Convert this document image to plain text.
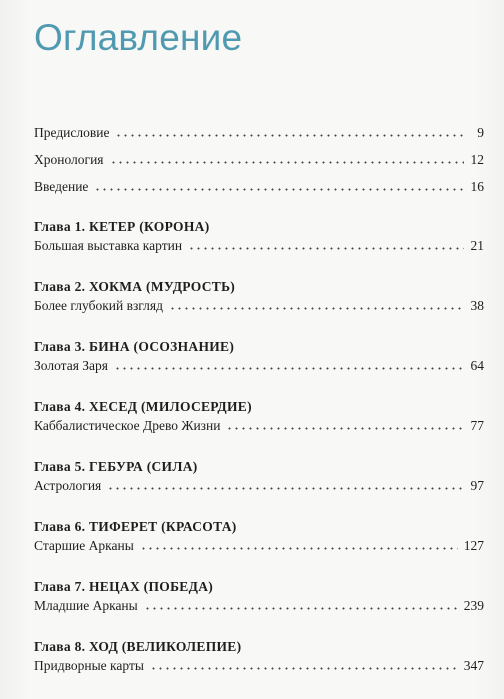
Оглавление
Предисловие	9
Хронология	12
Введение	16
Глава 1. КЕТЕР (КОРОНА)
Большая выставка картин	21
Глава 2. ХОКМА (МУДРОСТЬ)
Более глубокий взгляд	38
Глава 3. БИНА (ОСОЗНАНИЕ)
Золотая Заря	64
Глава 4. ХЕСЕД (МИЛОСЕРДИЕ)
Каббалистическое Древо Жизни	77
Глава 5. ГЕБУРА (СИЛА)
Астрология	97
Глава 6. ТИФЕРЕТ (КРАСОТА)
Старшие Арканы	127
Глава 7. НЕЦАХ (ПОБЕДА)
Младшие Арканы	239
Глава 8. ХОД (ВЕЛИКОЛЕПИЕ)
Придворные карты	347
